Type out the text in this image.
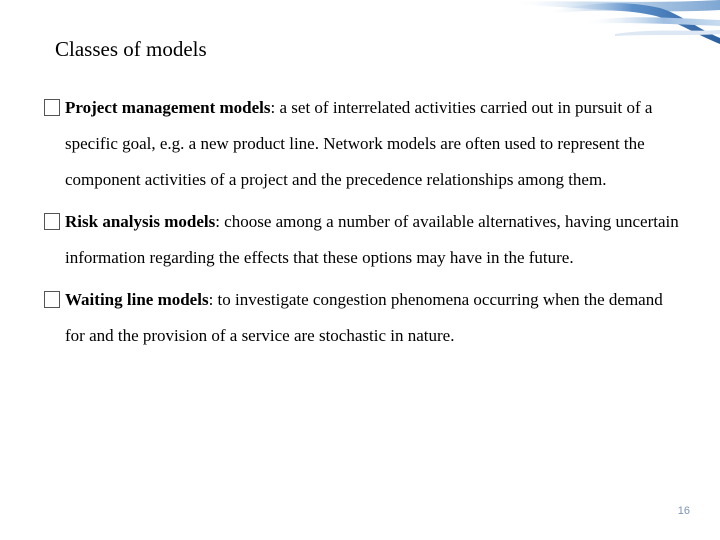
Classes of models
Project management models: a set of interrelated activities carried out in pursuit of a specific goal, e.g. a new product line. Network models are often used to represent the component activities of a project and the precedence relationships among them.
Risk analysis models: choose among a number of available alternatives, having uncertain information regarding the effects that these options may have in the future.
Waiting line models: to investigate congestion phenomena occurring when the demand for and the provision of a service are stochastic in nature.
16
